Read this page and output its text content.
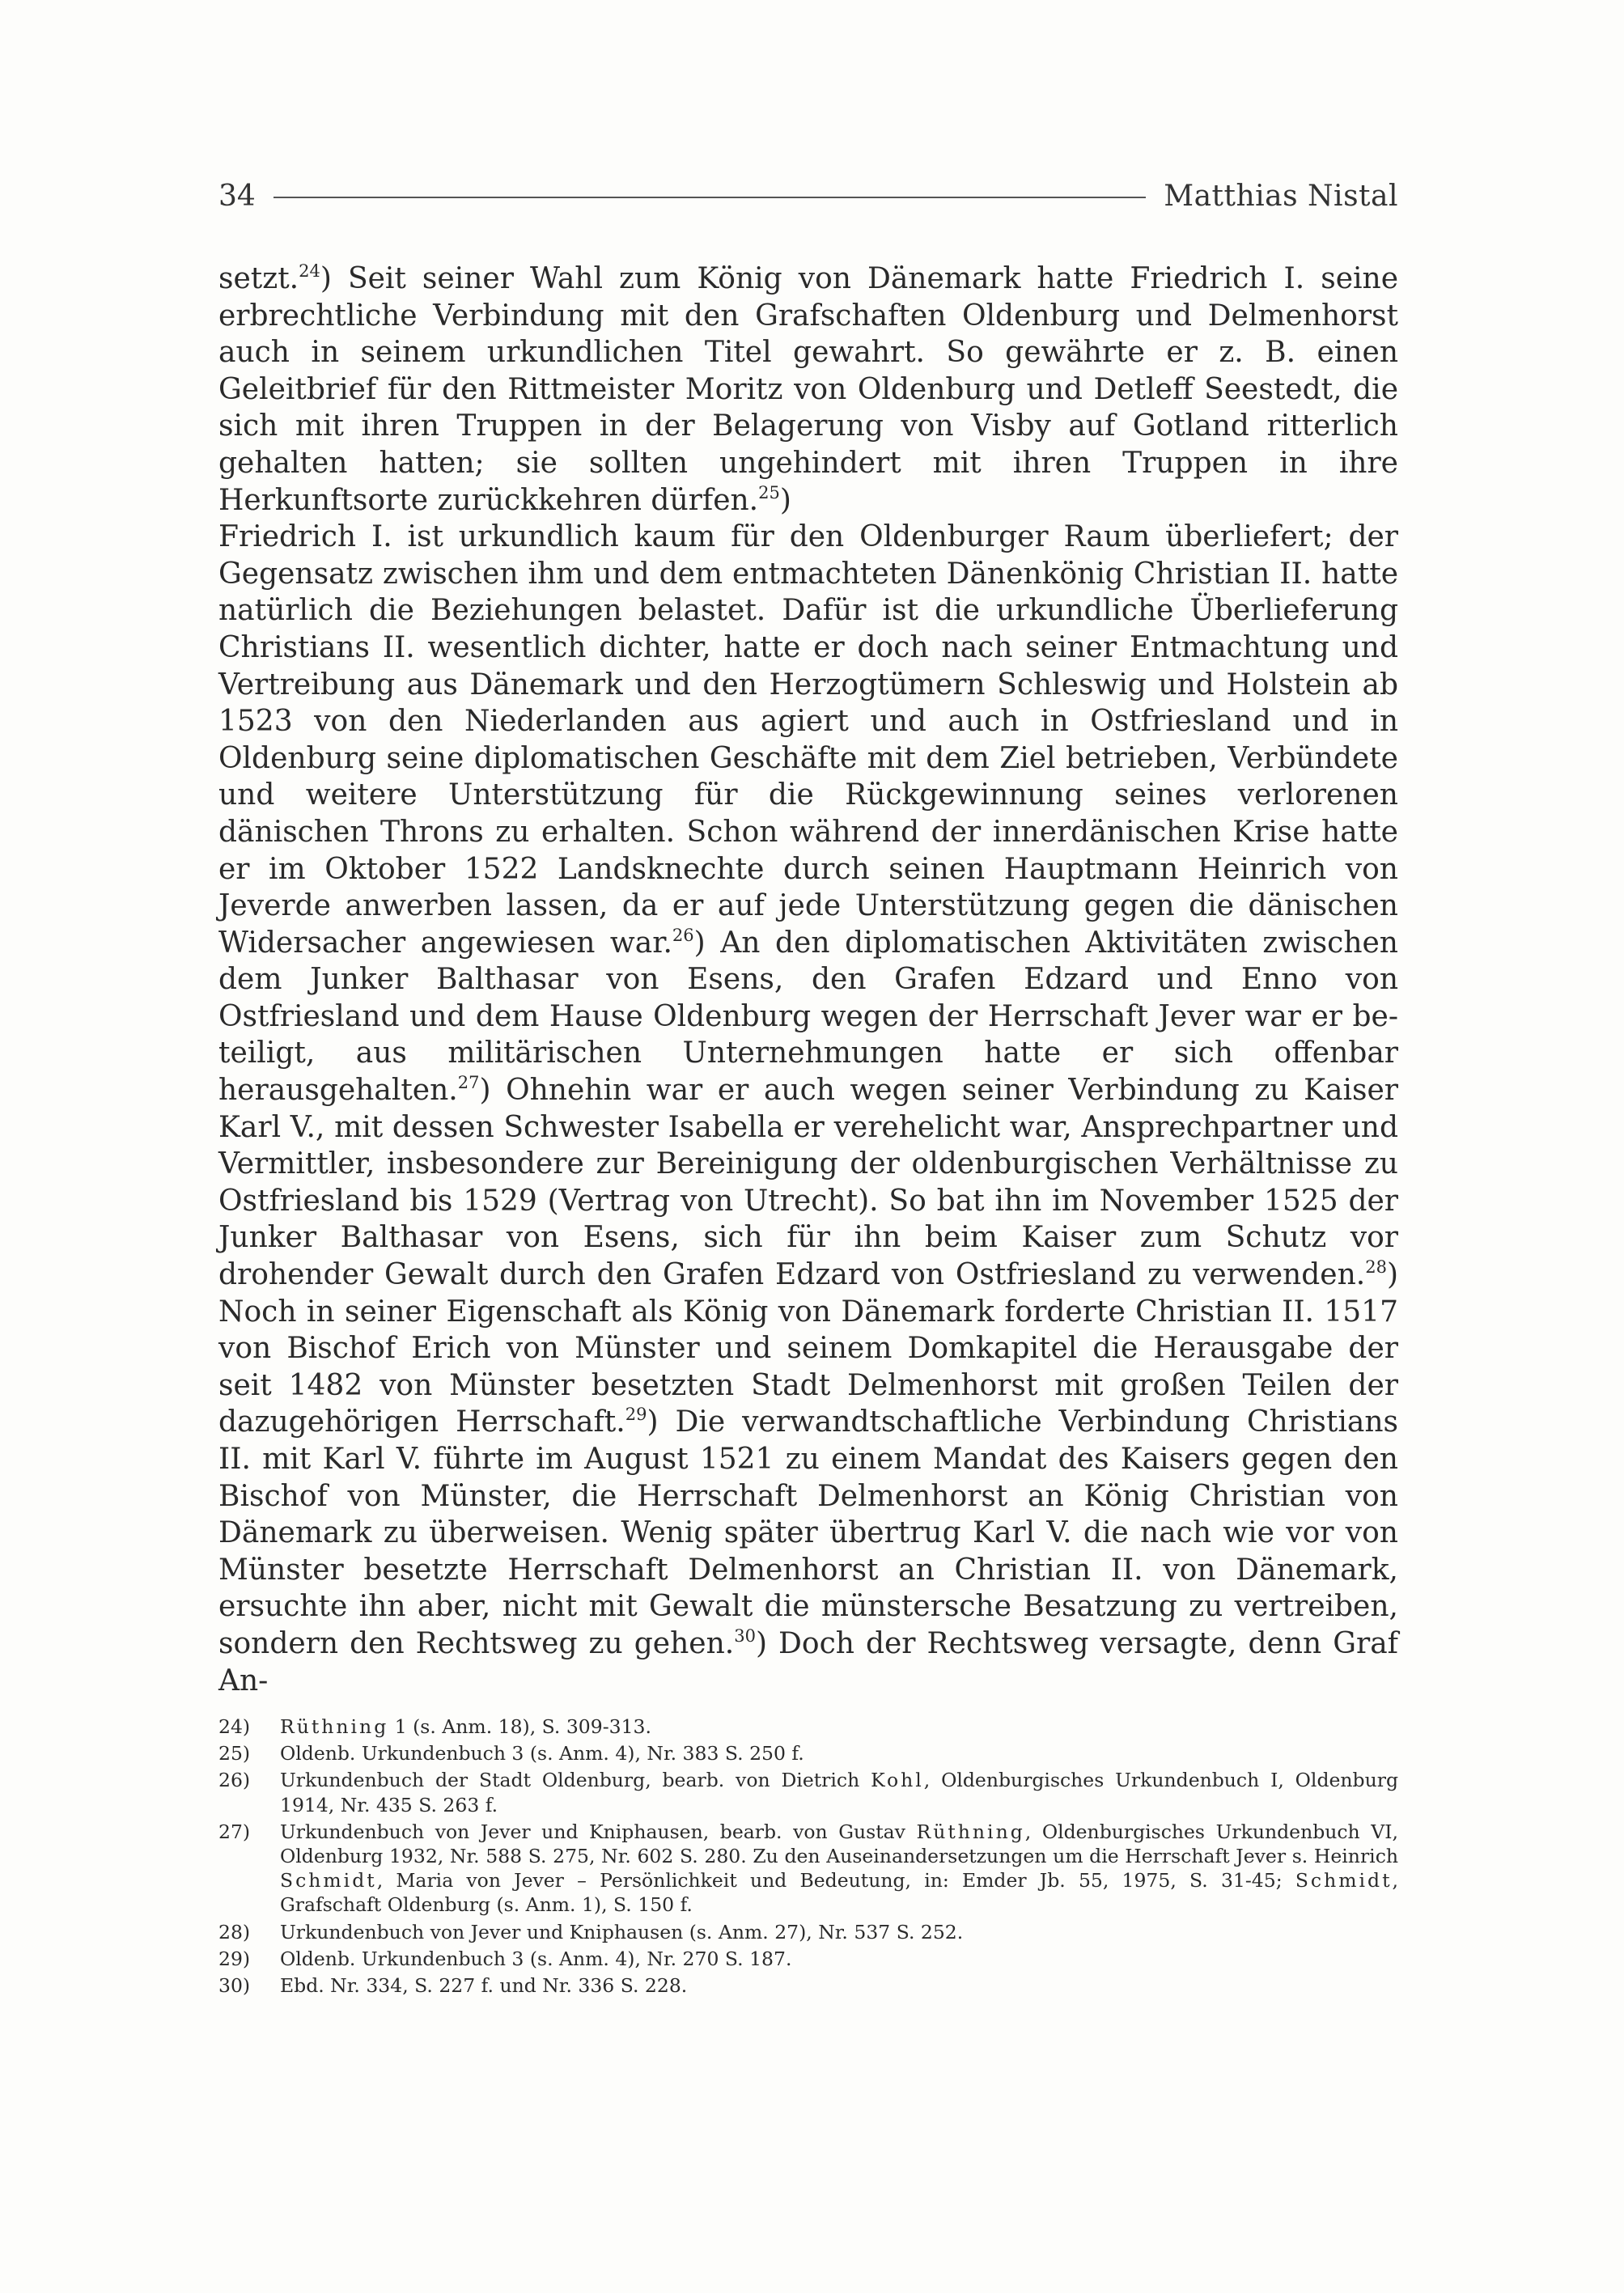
34	Matthias Nistal

setzt.$^{24}$) Seit seiner Wahl zum König von Dänemark hatte Friedrich I. seine erbrechtliche Verbindung mit den Grafschaften Oldenburg und Delmenhorst auch in seinem urkundlichen Titel gewahrt. So gewährte er z. B. einen Geleitbrief für den Rittmeister Moritz von Oldenburg und Detleff Seestedt, die sich mit ihren Truppen in der Belagerung von Visby auf Gotland ritterlich gehalten hatten; sie sollten ungehindert mit ihren Truppen in ihre Herkunftsorte zurückkehren dürfen.$^{25}$)

Friedrich I. ist urkundlich kaum für den Oldenburger Raum überliefert; der Gegensatz zwischen ihm und dem entmachteten Dänenkönig Christian II. hatte natürlich die Beziehungen belastet. Dafür ist die urkundliche Überlieferung Christians II. wesentlich dichter, hatte er doch nach seiner Entmachtung und Vertreibung aus Dänemark und den Herzogtümern Schleswig und Holstein ab 1523 von den Niederlanden aus agiert und auch in Ostfriesland und in Oldenburg seine diplomatischen Geschäfte mit dem Ziel betrieben, Verbündete und weitere Unterstützung für die Rückgewinnung seines verlorenen dänischen Throns zu erhalten. Schon während der innerdänischen Krise hatte er im Oktober 1522 Landsknechte durch seinen Hauptmann Heinrich von Jeverde anwerben lassen, da er auf jede Unterstützung gegen die dänischen Widersacher angewiesen war.$^{26}$) An den diplomatischen Aktivitäten zwischen dem Junker Balthasar von Esens, den Grafen Edzard und Enno von Ostfriesland und dem Hause Oldenburg wegen der Herrschaft Jever war er beteiligt, aus militärischen Unternehmungen hatte er sich offenbar herausgehalten.$^{27}$) Ohnehin war er auch wegen seiner Verbindung zu Kaiser Karl V., mit dessen Schwester Isabella er verehelicht war, Ansprechpartner und Vermittler, insbesondere zur Bereinigung der oldenburgischen Verhältnisse zu Ostfriesland bis 1529 (Vertrag von Utrecht). So bat ihn im November 1525 der Junker Balthasar von Esens, sich für ihn beim Kaiser zum Schutz vor drohender Gewalt durch den Grafen Edzard von Ostfriesland zu verwenden.$^{28}$) Noch in seiner Eigenschaft als König von Dänemark forderte Christian II. 1517 von Bischof Erich von Münster und seinem Domkapitel die Herausgabe der seit 1482 von Münster besetzten Stadt Delmenhorst mit großen Teilen der dazugehörigen Herrschaft.$^{29}$) Die verwandtschaftliche Verbindung Christians II. mit Karl V. führte im August 1521 zu einem Mandat des Kaisers gegen den Bischof von Münster, die Herrschaft Delmenhorst an König Christian von Dänemark zu überweisen. Wenig später übertrug Karl V. die nach wie vor von Münster besetzte Herrschaft Delmenhorst an Christian II. von Dänemark, ersuchte ihn aber, nicht mit Gewalt die münstersche Besatzung zu vertreiben, sondern den Rechtsweg zu gehen.$^{30}$) Doch der Rechtsweg versagte, denn Graf An-

24)	Rüthning 1 (s. Anm. 18), S. 309-313.
25)	Oldenb. Urkundenbuch 3 (s. Anm. 4), Nr. 383 S. 250 f.
26)	Urkundenbuch der Stadt Oldenburg, bearb. von Dietrich Kohl, Oldenburgisches Urkundenbuch I, Oldenburg 1914, Nr. 435 S. 263 f.
27)	Urkundenbuch von Jever und Kniphausen, bearb. von Gustav Rüthning, Oldenburgisches Urkundenbuch VI, Oldenburg 1932, Nr. 588 S. 275, Nr. 602 S. 280. Zu den Auseinandersetzungen um die Herrschaft Jever s. Heinrich Schmidt, Maria von Jever – Persönlichkeit und Bedeutung, in: Emder Jb. 55, 1975, S. 31-45; Schmidt, Grafschaft Oldenburg (s. Anm. 1), S. 150 f.
28)	Urkundenbuch von Jever und Kniphausen (s. Anm. 27), Nr. 537 S. 252.
29)	Oldenb. Urkundenbuch 3 (s. Anm. 4), Nr. 270 S. 187.
30)	Ebd. Nr. 334, S. 227 f. und Nr. 336 S. 228.
